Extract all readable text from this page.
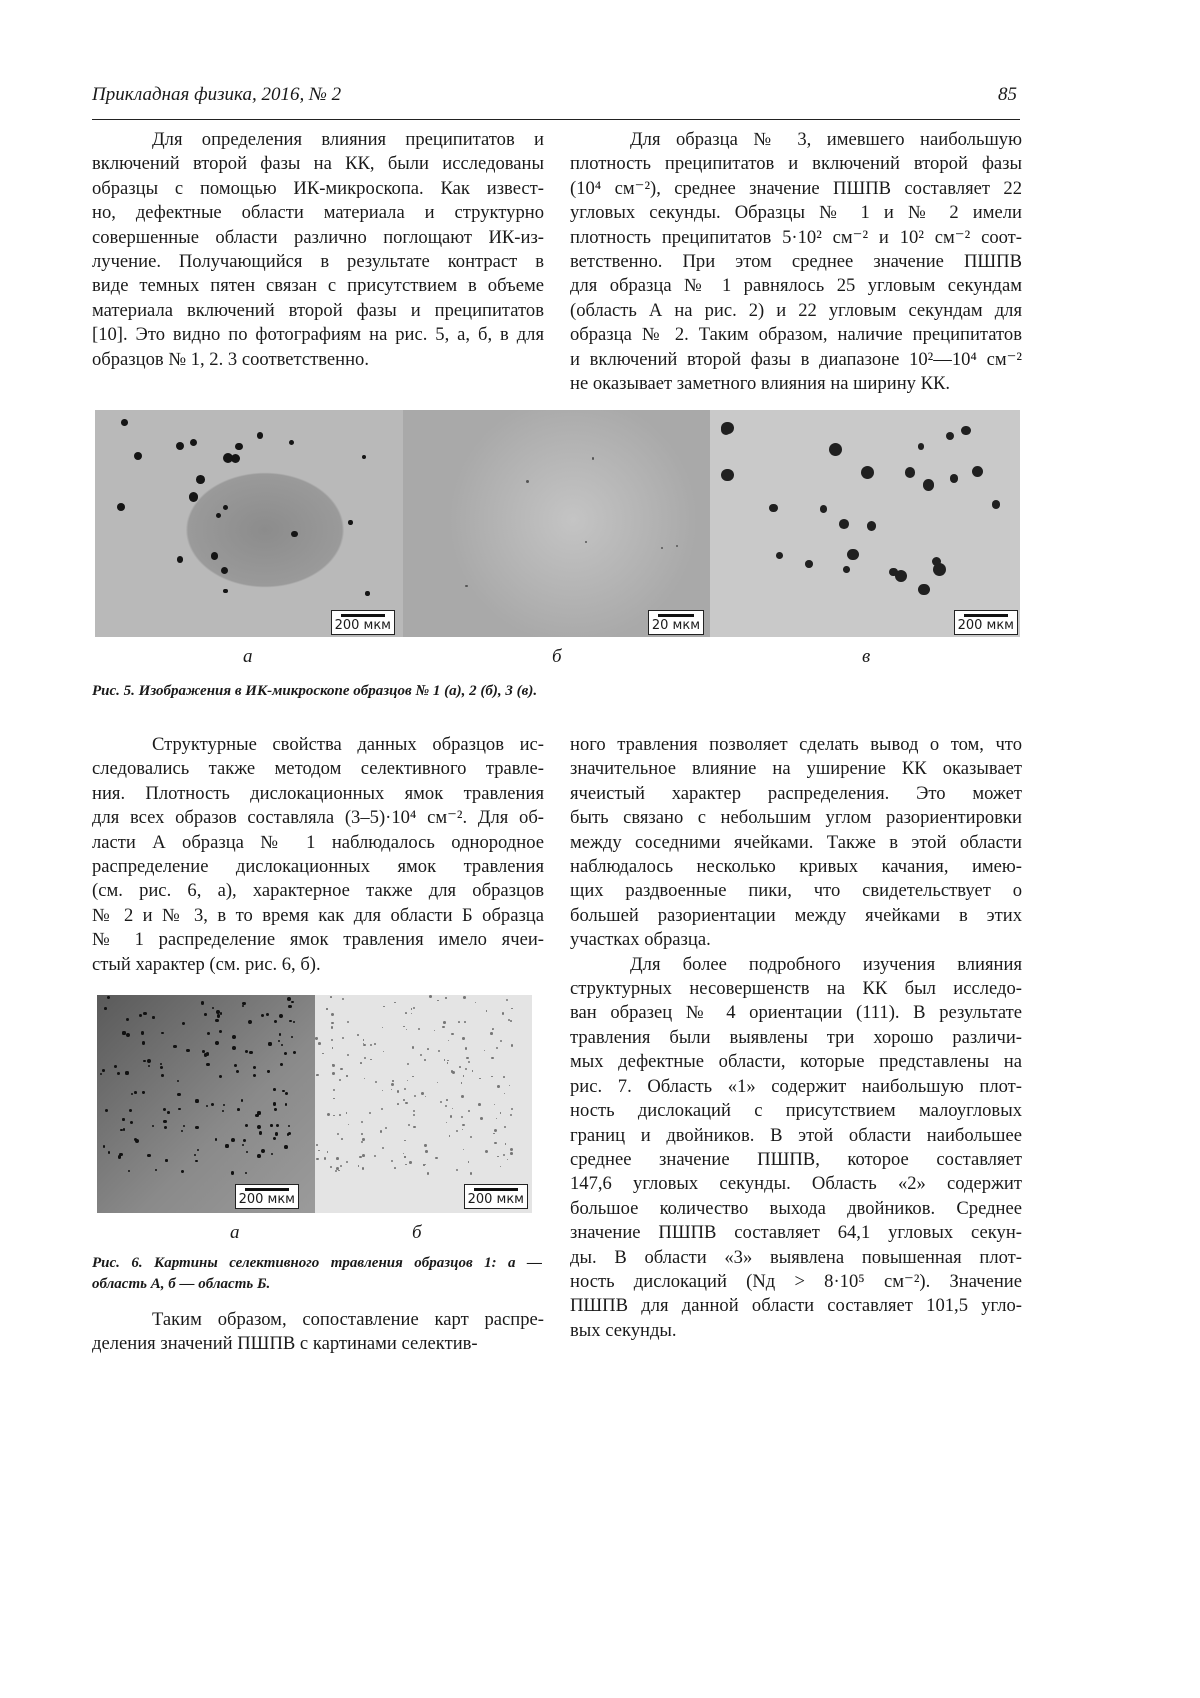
Прикладная физика, 2016, № 2	85
Для определения влияния преципитатов и
включений второй фазы на КК, были исследованы
образцы с помощью ИК-микроскопа. Как извест-
но, дефектные области материала и структурно
совершенные области различно поглощают ИК-из-
лучение. Получающийся в результате контраст в
виде темных пятен связан с присутствием в объеме
материала включений второй фазы и преципитатов
[10]. Это видно по фотографиям на рис. 5, а, б, в для
образцов № 1, 2. 3 соответственно.
Для образца № 3, имевшего наибольшую
плотность преципитатов и включений второй фазы
(10⁴ см⁻²), среднее значение ПШПВ составляет 22
угловых секунды. Образцы № 1 и № 2 имели
плотность преципитатов 5·10² см⁻² и 10² см⁻² соот-
ветственно. При этом среднее значение ПШПВ
для образца № 1 равнялось 25 угловым секундам
(область А на рис. 2) и 22 угловым секундам для
образца № 2. Таким образом, наличие преципитатов
и включений второй фазы в диапазоне 10²—10⁴ см⁻²
не оказывает заметного влияния на ширину КК.
200 мкм	20 мкм	200 мкм
а	б	в
Рис. 5. Изображения в ИК-микроскопе образцов № 1 (а), 2 (б), 3 (в).
Структурные свойства данных образцов ис-
следовались также методом селективного травле-
ния. Плотность дислокационных ямок травления
для всех образов составляла (3–5)·10⁴ см⁻². Для об-
ласти А образца № 1 наблюдалось однородное
распределение дислокационных ямок травления
(см. рис. 6, а), характерное также для образцов
№ 2 и № 3, в то время как для области Б образца
№ 1 распределение ямок травления имело ячеи-
стый характер (см. рис. 6, б).
200 мкм	200 мкм
а	б
Рис. 6. Картины селективного травления образцов 1: а —
область А, б — область Б.
Таким образом, сопоставление карт распре-
деления значений ПШПВ с картинами селектив-
ного травления позволяет сделать вывод о том, что
значительное влияние на уширение КК оказывает
ячеистый характер распределения. Это может
быть связано с небольшим углом разориентировки
между соседними ячейками. Также в этой области
наблюдалось несколько кривых качания, имею-
щих раздвоенные пики, что свидетельствует о
большей разориентации между ячейками в этих
участках образца.
Для более подробного изучения влияния
структурных несовершенств на КК был исследо-
ван образец № 4 ориентации (111). В результате
травления были выявлены три хорошо различи-
мых дефектные области, которые представлены на
рис. 7. Область «1» содержит наибольшую плот-
ность дислокаций с присутствием малоугловых
границ и двойников. В этой области наибольшее
среднее значение ПШПВ, которое составляет
147,6 угловых секунды. Область «2» содержит
большое количество выхода двойников. Среднее
значение ПШПВ составляет 64,1 угловых секун-
ды. В области «3» выявлена повышенная плот-
ность дислокаций (Nд > 8·10⁵ см⁻²). Значение
ПШПВ для данной области составляет 101,5 угло-
вых секунды.
